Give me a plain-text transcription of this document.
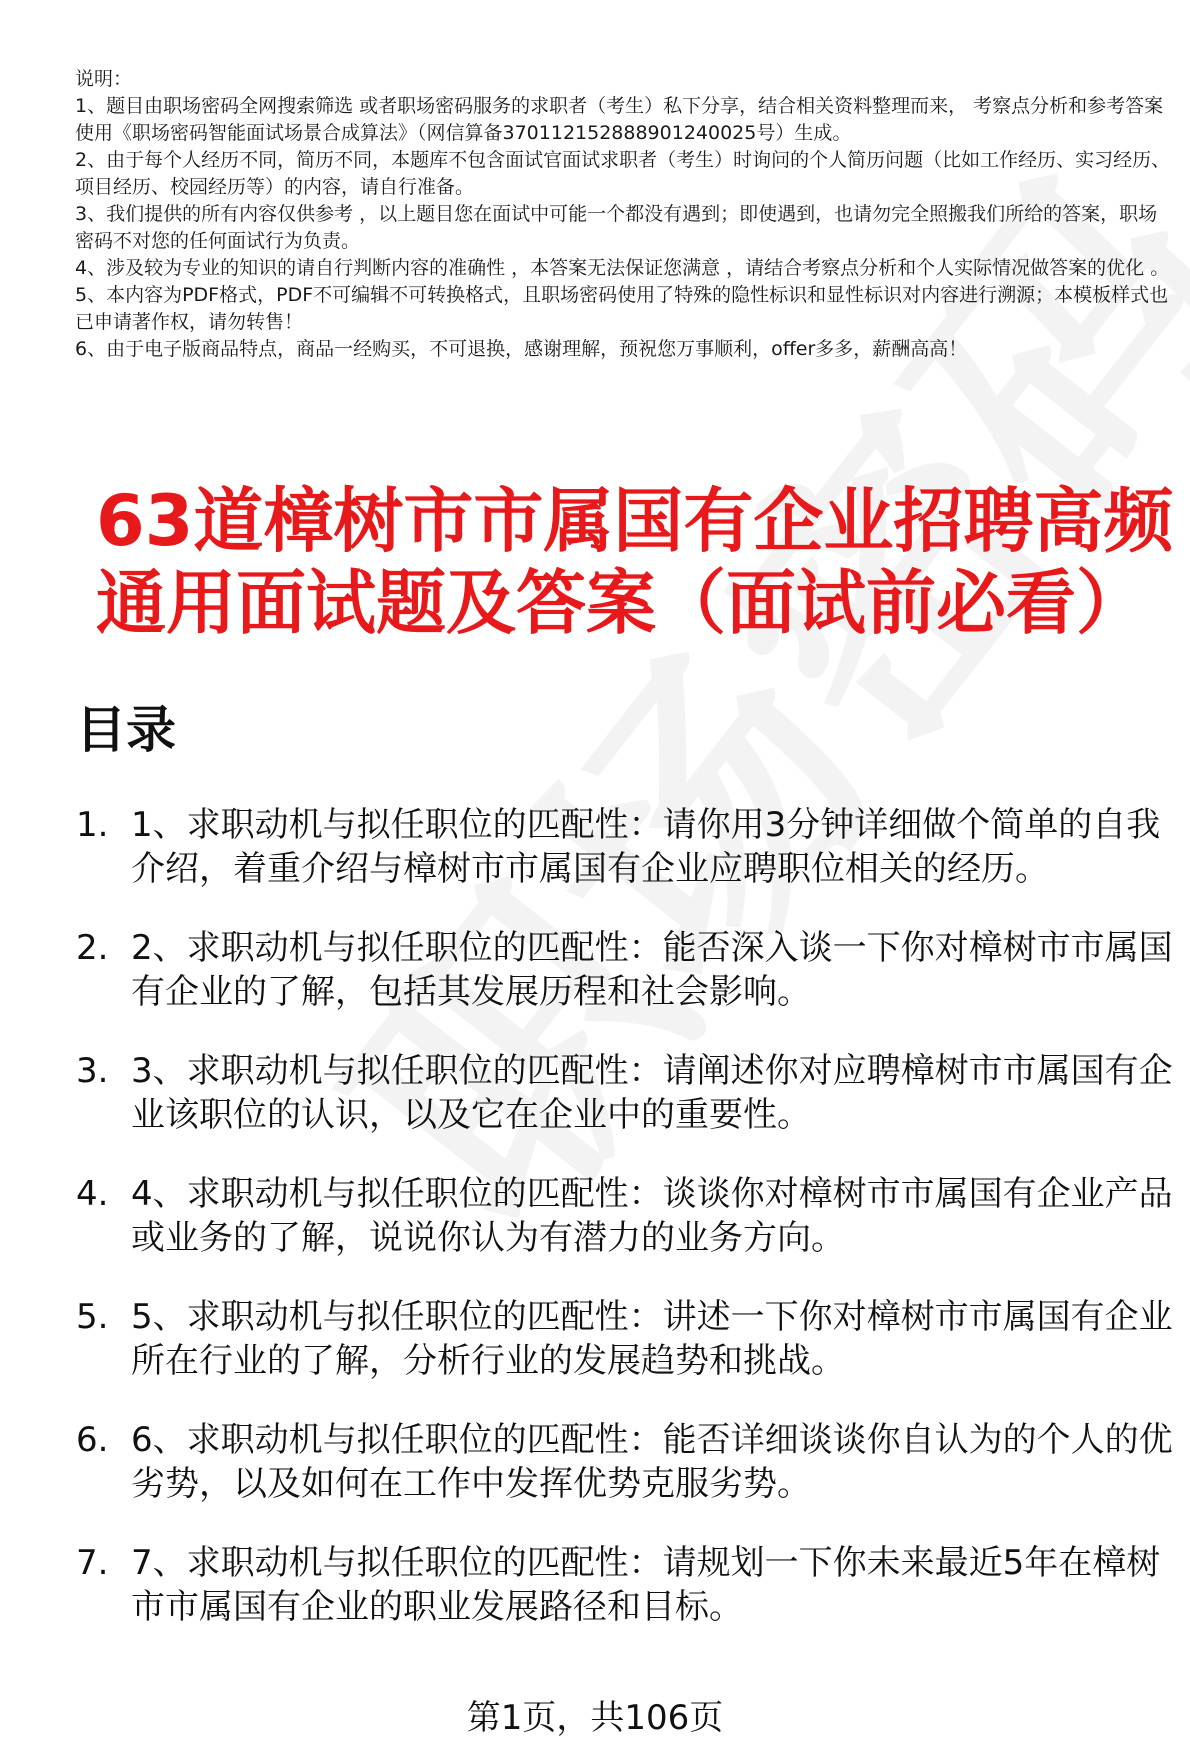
说明：

1、题目由职场密码全网搜索筛选 或者职场密码服务的求职者（考生）私下分享，结合相关资料整理而来， 考察点分析和参考答案使用《职场密码智能面试场景合成算法》（网信算备370112152888901240025号）生成。

2、由于每个人经历不同，简历不同，本题库不包含面试官面试求职者（考生）时询问的个人简历问题（比如工作经历、实习经历、项目经历、校园经历等）的内容，请自行准备。

3、我们提供的所有内容仅供参考 ，以上题目您在面试中可能一个都没有遇到；即使遇到，也请勿完全照搬我们所给的答案，职场密码不对您的任何面试行为负责。

4、涉及较为专业的知识的请自行判断内容的准确性 ，本答案无法保证您满意 ，请结合考察点分析和个人实际情况做答案的优化 。

5、本内容为PDF格式，PDF不可编辑不可转换格式，且职场密码使用了特殊的隐性标识和显性标识对内容进行溯源；本模板样式也已申请著作权，请勿转售！

6、由于电子版商品特点，商品一经购买，不可退换，感谢理解，预祝您万事顺利，offer多多，薪酬高高！

63道樟树市市属国有企业招聘高频通用面试题及答案（面试前必看）
目录
1. 1、求职动机与拟任职位的匹配性：请你用3分钟详细做个简单的自我介绍，着重介绍与樟树市市属国有企业应聘职位相关的经历。
2. 2、求职动机与拟任职位的匹配性：能否深入谈一下你对樟树市市属国有企业的了解，包括其发展历程和社会影响。
3. 3、求职动机与拟任职位的匹配性：请阐述你对应聘樟树市市属国有企业该职位的认识，以及它在企业中的重要性。
4. 4、求职动机与拟任职位的匹配性：谈谈你对樟树市市属国有企业产品或业务的了解，说说你认为有潜力的业务方向。
5. 5、求职动机与拟任职位的匹配性：讲述一下你对樟树市市属国有企业所在行业的了解，分析行业的发展趋势和挑战。
6. 6、求职动机与拟任职位的匹配性：能否详细谈谈你自认为的个人的优劣势，以及如何在工作中发挥优势克服劣势。
7. 7、求职动机与拟任职位的匹配性：请规划一下你未来最近5年在樟树市市属国有企业的职业发展路径和目标。
第1页，共106页
